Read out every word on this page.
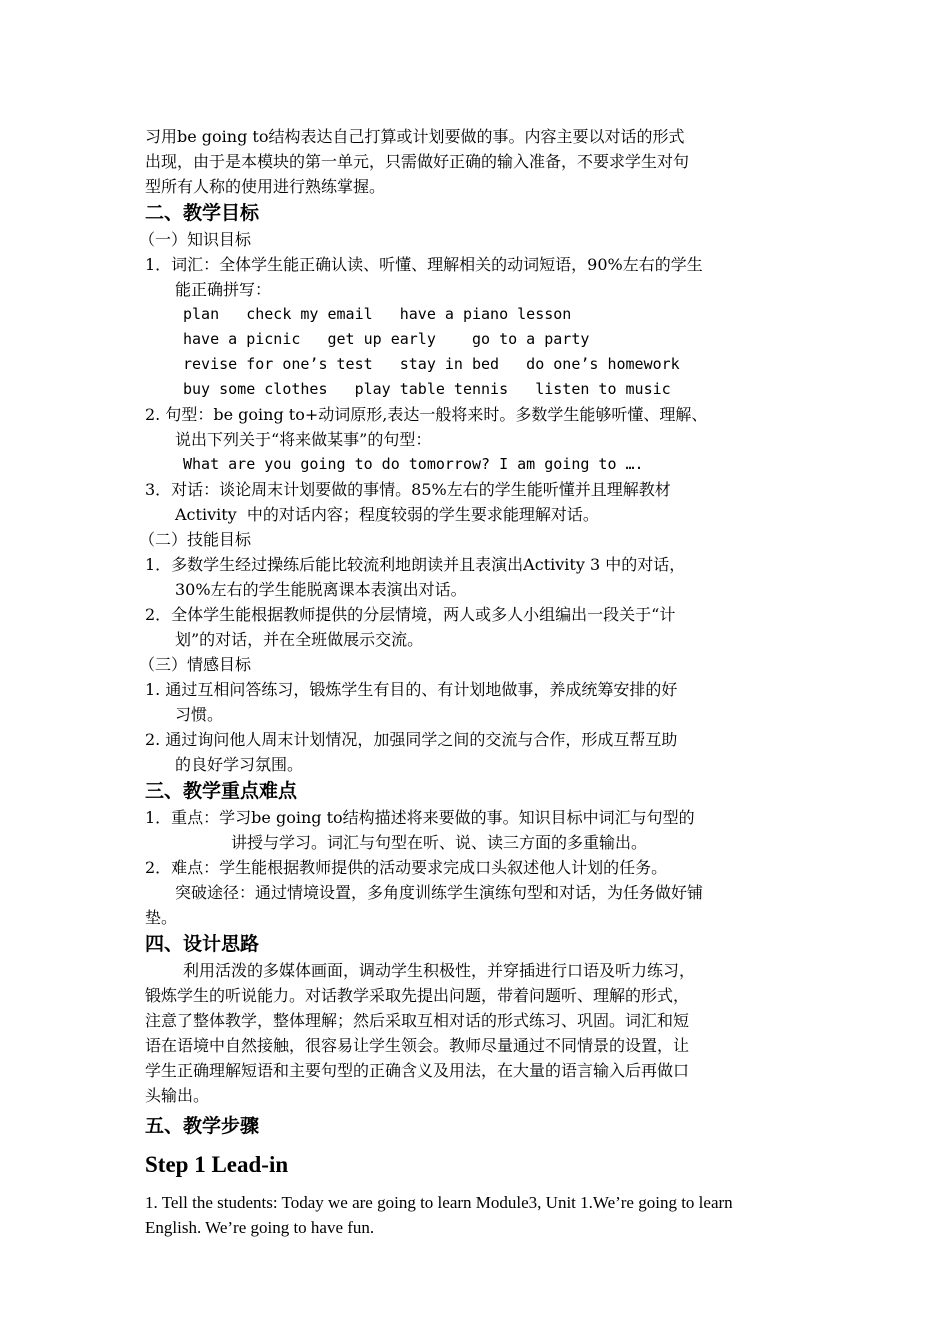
习用be going to结构表达自己打算或计划要做的事。内容主要以对话的形式
出现，由于是本模块的第一单元，只需做好正确的输入准备，不要求学生对句
型所有人称的使用进行熟练掌握。
二、教学目标
（一）知识目标
1．词汇：全体学生能正确认读、听懂、理解相关的动词短语，90%左右的学生
能正确拼写：
plan   check my email   have a piano lesson
have a picnic   get up early    go to a party
revise for one’s test   stay in bed   do one’s homework
buy some clothes   play table tennis   listen to music
2. 句型：be going to+动词原形,表达一般将来时。多数学生能够听懂、理解、
说出下列关于“将来做某事”的句型：
What are you going to do tomorrow? I am going to ….
3．对话：谈论周末计划要做的事情。85%左右的学生能听懂并且理解教材
Activity  中的对话内容；程度较弱的学生要求能理解对话。
（二）技能目标
1．多数学生经过操练后能比较流利地朗读并且表演出Activity 3 中的对话，
30%左右的学生能脱离课本表演出对话。
2．全体学生能根据教师提供的分层情境，两人或多人小组编出一段关于“计
划”的对话，并在全班做展示交流。
（三）情感目标
1. 通过互相问答练习，锻炼学生有目的、有计划地做事，养成统筹安排的好
习惯。
2. 通过询问他人周末计划情况，加强同学之间的交流与合作，形成互帮互助
的良好学习氛围。
三、教学重点难点
1．重点：学习be going to结构描述将来要做的事。知识目标中词汇与句型的
讲授与学习。词汇与句型在听、说、读三方面的多重输出。
2．难点：学生能根据教师提供的活动要求完成口头叙述他人计划的任务。
突破途径：通过情境设置，多角度训练学生演练句型和对话，为任务做好铺
垫。
四、设计思路
利用活泼的多媒体画面，调动学生积极性，并穿插进行口语及听力练习，
锻炼学生的听说能力。对话教学采取先提出问题，带着问题听、理解的形式，
注意了整体教学，整体理解；然后采取互相对话的形式练习、巩固。词汇和短
语在语境中自然接触，很容易让学生领会。教师尽量通过不同情景的设置，让
学生正确理解短语和主要句型的正确含义及用法，在大量的语言输入后再做口
头输出。
五、教学步骤
Step 1 Lead-in
1. Tell the students: Today we are going to learn Module3, Unit 1.We’re going to learn
English. We’re going to have fun.
